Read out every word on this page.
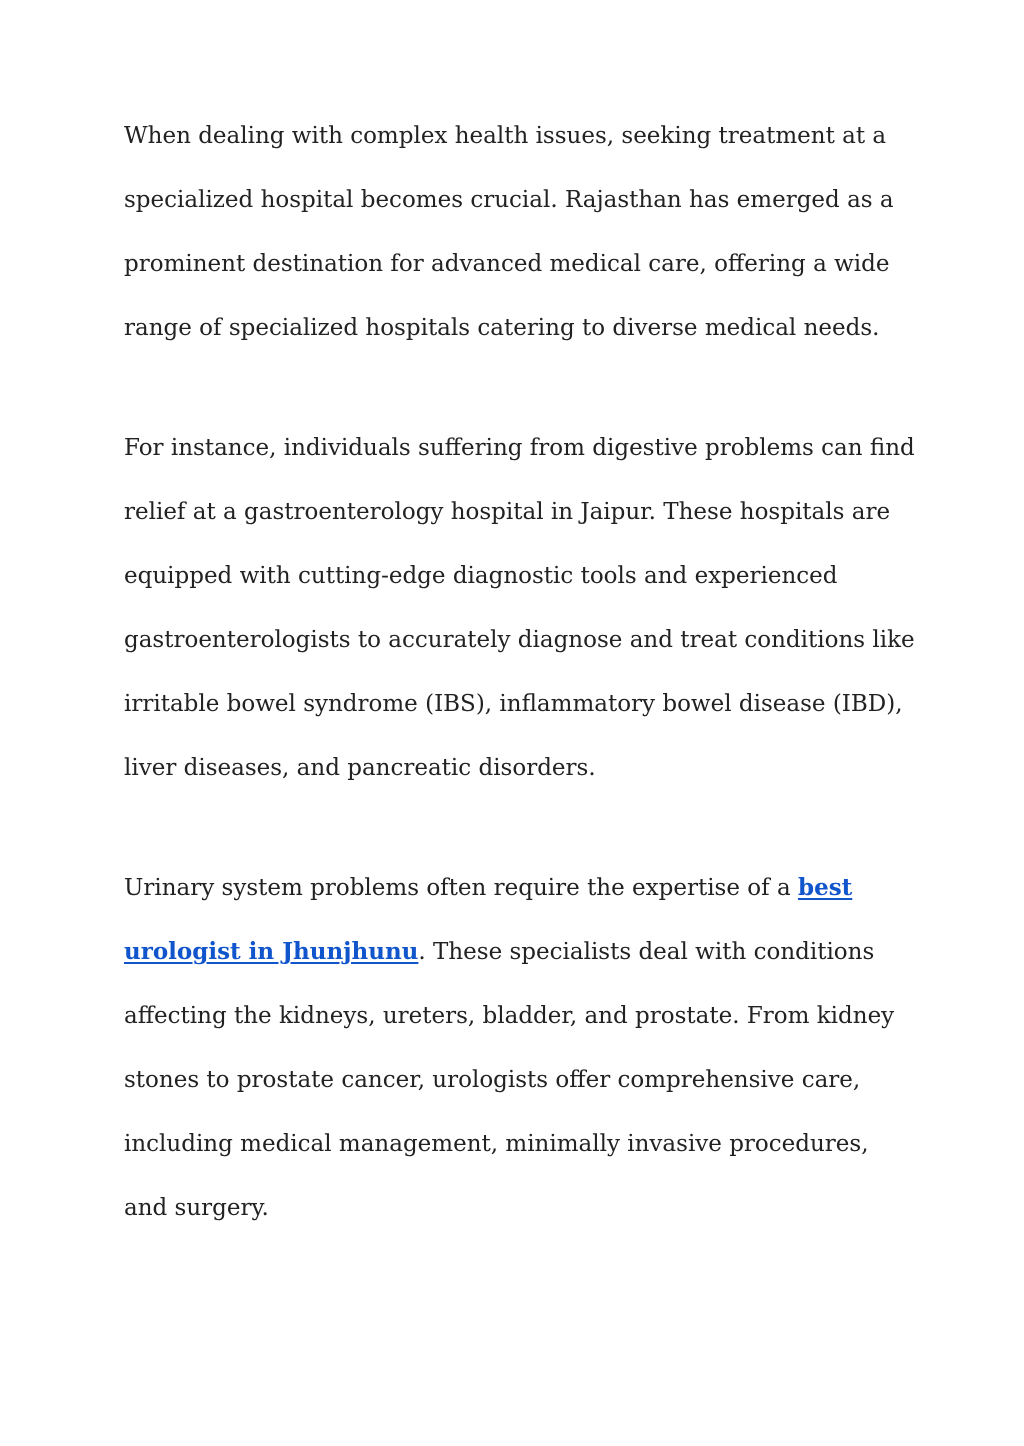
When dealing with complex health issues, seeking treatment at a
specialized hospital becomes crucial. Rajasthan has emerged as a
prominent destination for advanced medical care, offering a wide
range of specialized hospitals catering to diverse medical needs.

For instance, individuals suffering from digestive problems can find
relief at a gastroenterology hospital in Jaipur. These hospitals are
equipped with cutting-edge diagnostic tools and experienced
gastroenterologists to accurately diagnose and treat conditions like
irritable bowel syndrome (IBS), inflammatory bowel disease (IBD),
liver diseases, and pancreatic disorders.

Urinary system problems often require the expertise of a best
urologist in Jhunjhunu. These specialists deal with conditions
affecting the kidneys, ureters, bladder, and prostate. From kidney
stones to prostate cancer, urologists offer comprehensive care,
including medical management, minimally invasive procedures,
and surgery.
